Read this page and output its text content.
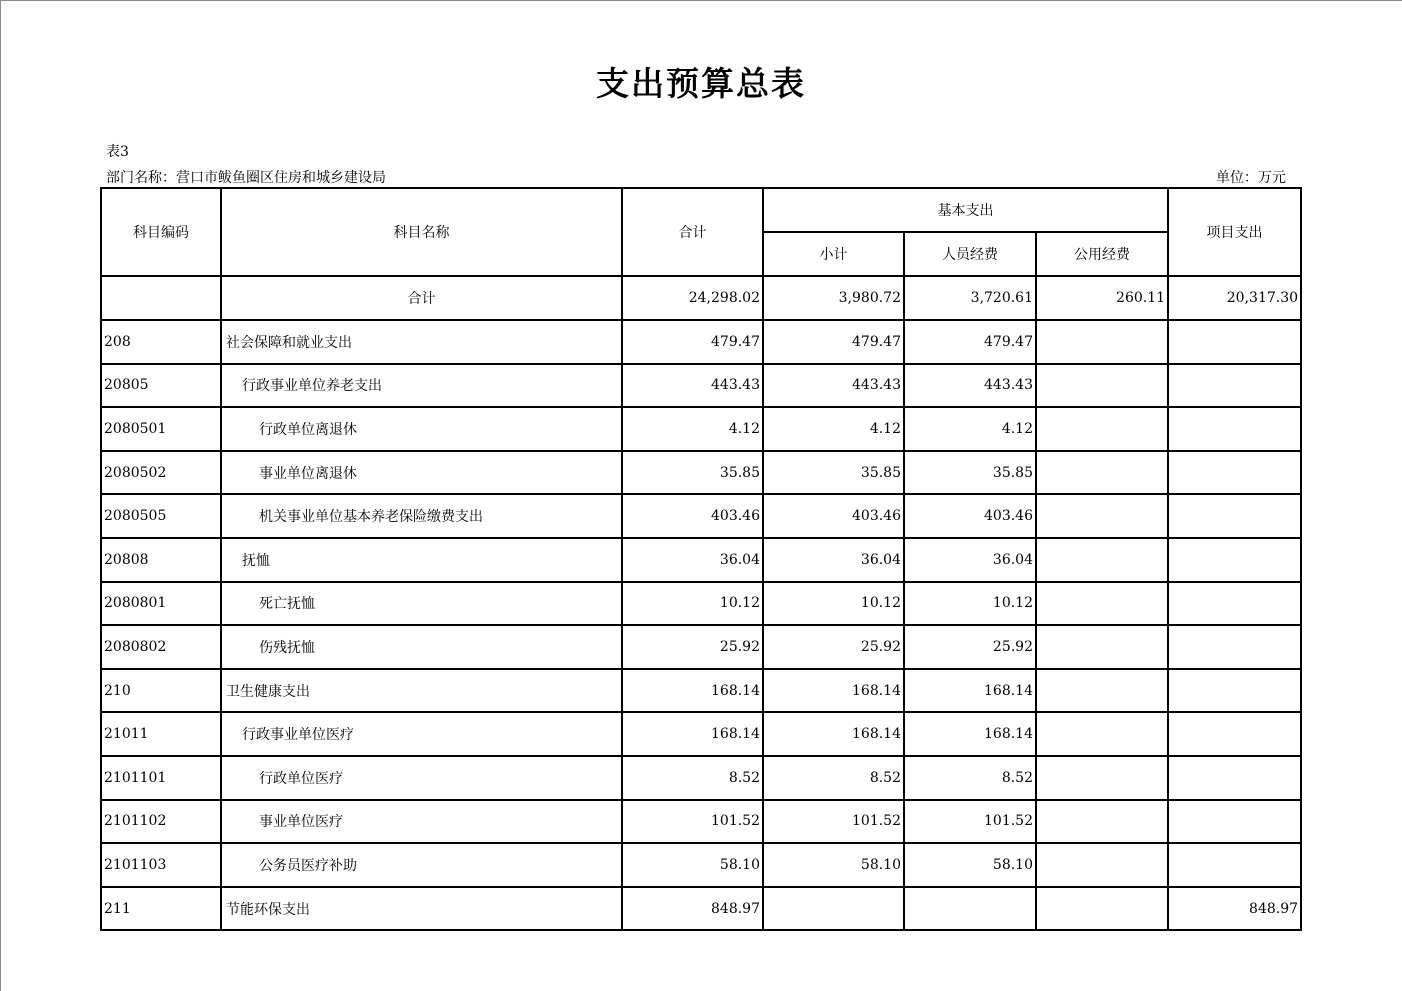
支出预算总表
表3
部门名称：营口市鲅鱼圈区住房和城乡建设局	单位：万元
科目编码	科目名称	合计	基本支出			项目支出
			小计	人员经费	公用经费	
	合计	24,298.02	3,980.72	3,720.61	260.11	20,317.30
208	社会保障和就业支出	479.47	479.47	479.47		
20805	行政事业单位养老支出	443.43	443.43	443.43		
2080501	行政单位离退休	4.12	4.12	4.12		
2080502	事业单位离退休	35.85	35.85	35.85		
2080505	机关事业单位基本养老保险缴费支出	403.46	403.46	403.46		
20808	抚恤	36.04	36.04	36.04		
2080801	死亡抚恤	10.12	10.12	10.12		
2080802	伤残抚恤	25.92	25.92	25.92		
210	卫生健康支出	168.14	168.14	168.14		
21011	行政事业单位医疗	168.14	168.14	168.14		
2101101	行政单位医疗	8.52	8.52	8.52		
2101102	事业单位医疗	101.52	101.52	101.52		
2101103	公务员医疗补助	58.10	58.10	58.10		
211	节能环保支出	848.97				848.97
